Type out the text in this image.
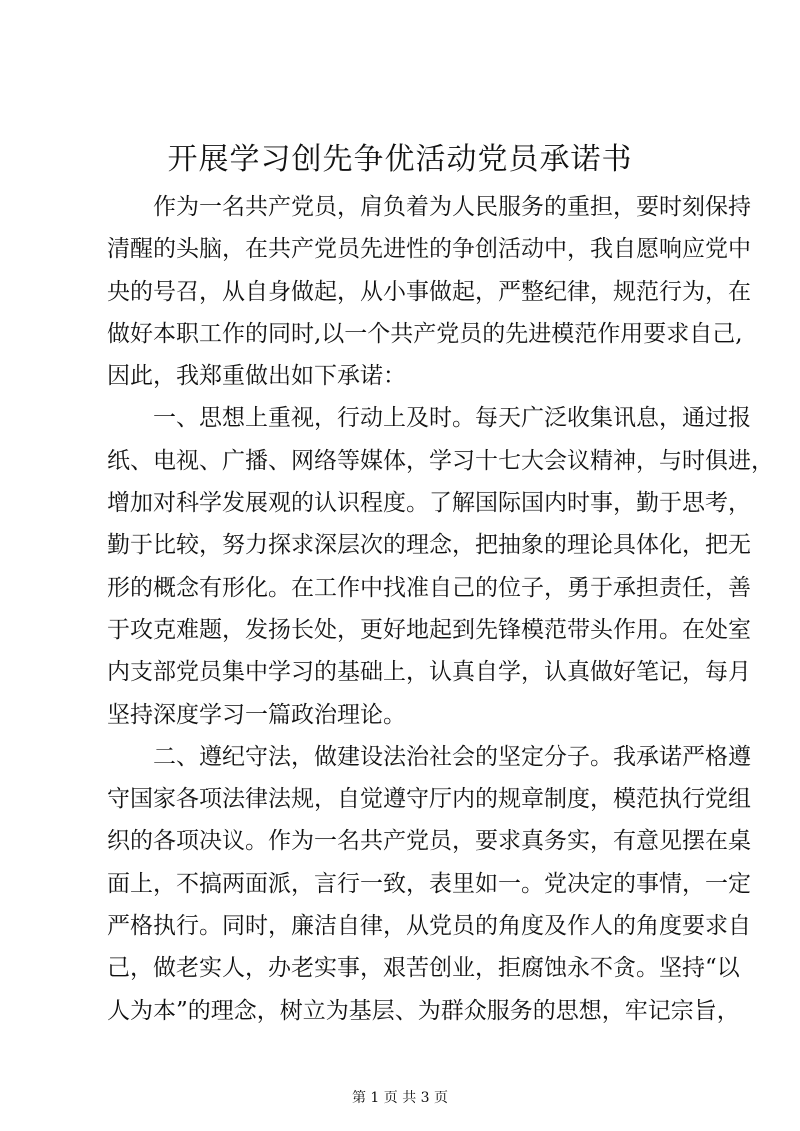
开展学习创先争优活动党员承诺书
作为一名共产党员，肩负着为人民服务的重担，要时刻保持
清醒的头脑，在共产党员先进性的争创活动中，我自愿响应党中
央的号召，从自身做起，从小事做起，严整纪律，规范行为，在
做好本职工作的同时,以一个共产党员的先进模范作用要求自己,
因此，我郑重做出如下承诺：
一、思想上重视，行动上及时。每天广泛收集讯息，通过报
纸、电视、广播、网络等媒体，学习十七大会议精神，与时俱进，
增加对科学发展观的认识程度。了解国际国内时事，勤于思考，
勤于比较，努力探求深层次的理念，把抽象的理论具体化，把无
形的概念有形化。在工作中找准自己的位子，勇于承担责任，善
于攻克难题，发扬长处，更好地起到先锋模范带头作用。在处室
内支部党员集中学习的基础上，认真自学，认真做好笔记，每月
坚持深度学习一篇政治理论。
二、遵纪守法，做建设法治社会的坚定分子。我承诺严格遵
守国家各项法律法规，自觉遵守厅内的规章制度，模范执行党组
织的各项决议。作为一名共产党员，要求真务实，有意见摆在桌
面上，不搞两面派，言行一致，表里如一。党决定的事情，一定
严格执行。同时，廉洁自律，从党员的角度及作人的角度要求自
己，做老实人，办老实事，艰苦创业，拒腐蚀永不贪。坚持“以
人为本”的理念，树立为基层、为群众服务的思想，牢记宗旨，
第 1 页 共 3 页
